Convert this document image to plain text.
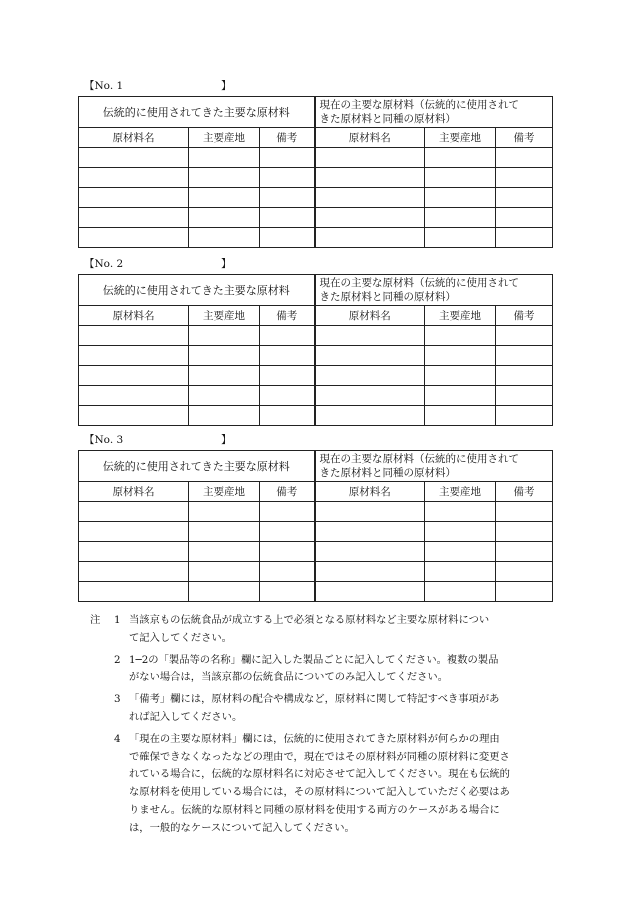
【No. 1	】
伝統的に使用されてきた主要な原材料			現在の主要な原材料（伝統的に使用されて
きた原材料と同種の原材料）		

原材料名	主要産地	備考	原材料名	主要産地	備考

【No. 2	】
伝統的に使用されてきた主要な原材料			現在の主要な原材料（伝統的に使用されて
きた原材料と同種の原材料）		

原材料名	主要産地	備考	原材料名	主要産地	備考

【No. 3	】
伝統的に使用されてきた主要な原材料			現在の主要な原材料（伝統的に使用されて
きた原材料と同種の原材料）		

原材料名	主要産地	備考	原材料名	主要産地	備考

注 1 当該京もの伝統食品が成立する上で必須となる原材料など主要な原材料につい
て記入してください。
2 1─2の「製品等の名称」欄に記入した製品ごとに記入してください。複数の製品
がない場合は，当該京都の伝統食品についてのみ記入してください。
3 「備考」欄には，原材料の配合や構成など，原材料に関して特記すべき事項があ
れば記入してください。
4 「現在の主要な原材料」欄には，伝統的に使用されてきた原材料が何らかの理由
で確保できなくなったなどの理由で，現在ではその原材料が同種の原材料に変更さ
れている場合に，伝統的な原材料名に対応させて記入してください。現在も伝統的
な原材料を使用している場合には，その原材料について記入していただく必要はあ
りません。伝統的な原材料と同種の原材料を使用する両方のケースがある場合に
は，一般的なケースについて記入してください。
